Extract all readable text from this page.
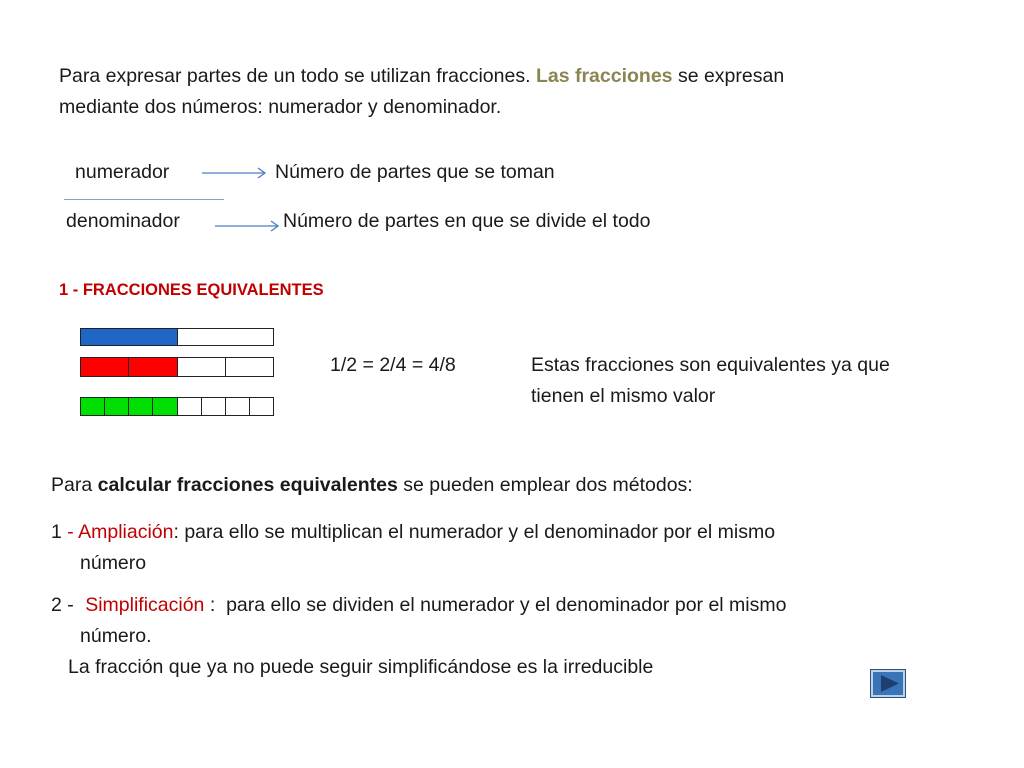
Para expresar partes de un todo se utilizan fracciones. Las fracciones se expresan
mediante dos números: numerador y denominador.
numerador	Número de partes que se toman
denominador	Número de partes en que se divide el todo
1 - FRACCIONES EQUIVALENTES
1/2 = 2/4 = 4/8	Estas fracciones son equivalentes ya que
tienen el mismo valor
Para calcular fracciones equivalentes se pueden emplear dos métodos:
1 - Ampliación: para ello se multiplican el numerador y el denominador por el mismo
número
2 - Simplificación :  para ello se dividen el numerador y el denominador por el mismo
número.
La fracción que ya no puede seguir simplificándose es la irreducible
